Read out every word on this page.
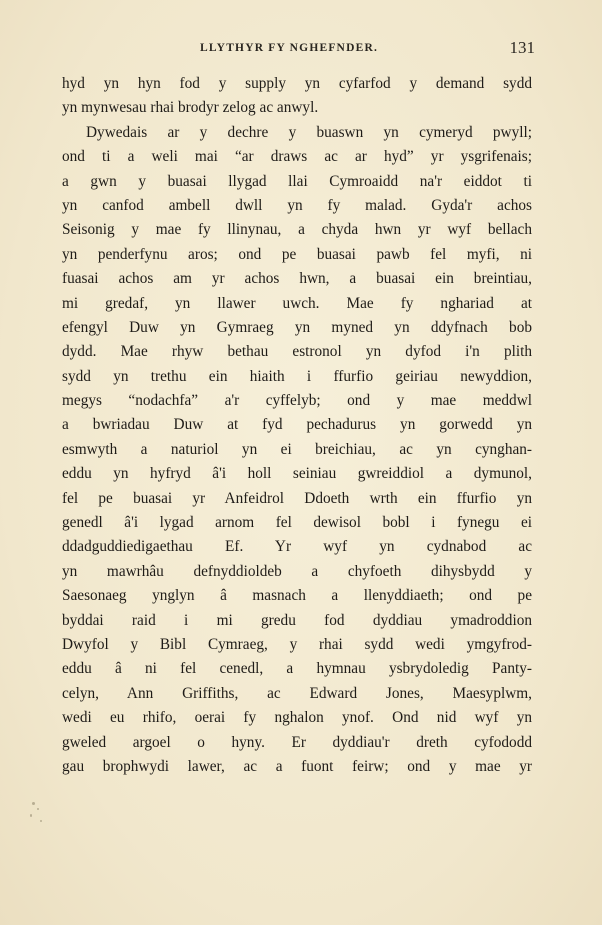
LLYTHYR FY NGHEFNDER.	131
hyd yn hyn fod y supply yn cyfarfod y demand sydd
yn mynwesau rhai brodyr zelog ac anwyl.
Dywedais ar y dechre y buaswn yn cymeryd pwyll;
ond ti a weli mai “ar draws ac ar hyd” yr ysgrifenais;
a gwn y buasai llygad llai Cymroaidd na'r eiddot ti
yn canfod ambell dwll yn fy malad. Gyda'r achos
Seisonig y mae fy llinynau, a chyda hwn yr wyf bellach
yn penderfynu aros; ond pe buasai pawb fel myfi, ni
fuasai achos am yr achos hwn, a buasai ein breintiau,
mi gredaf, yn llawer uwch. Mae fy nghariad at
efengyl Duw yn Gymraeg yn myned yn ddyfnach bob
dydd. Mae rhyw bethau estronol yn dyfod i'n plith
sydd yn trethu ein hiaith i ffurfio geiriau newyddion,
megys “nodachfa” a'r cyffelyb; ond y mae meddwl
a bwriadau Duw at fyd pechadurus yn gorwedd yn
esmwyth a naturiol yn ei breichiau, ac yn cynghan-
eddu yn hyfryd â'i holl seiniau gwreiddiol a dymunol,
fel pe buasai yr Anfeidrol Ddoeth wrth ein ffurfio yn
genedl â'i lygad arnom fel dewisol bobl i fynegu ei
ddadguddiedigaethau Ef. Yr wyf yn cydnabod ac
yn mawrhâu defnyddioldeb a chyfoeth dihysbydd y
Saesonaeg ynglyn â masnach a llenyddiaeth; ond pe
byddai raid i mi gredu fod dyddiau ymadroddion
Dwyfol y Bibl Cymraeg, y rhai sydd wedi ymgyfrod-
eddu â ni fel cenedl, a hymnau ysbrydoledig Panty-
celyn, Ann Griffiths, ac Edward Jones, Maesyplwm,
wedi eu rhifo, oerai fy nghalon ynof. Ond nid wyf yn
gweled argoel o hyny. Er dyddiau'r dreth cyfododd
gau brophwydi lawer, ac a fuont feirw; ond y mae yr
